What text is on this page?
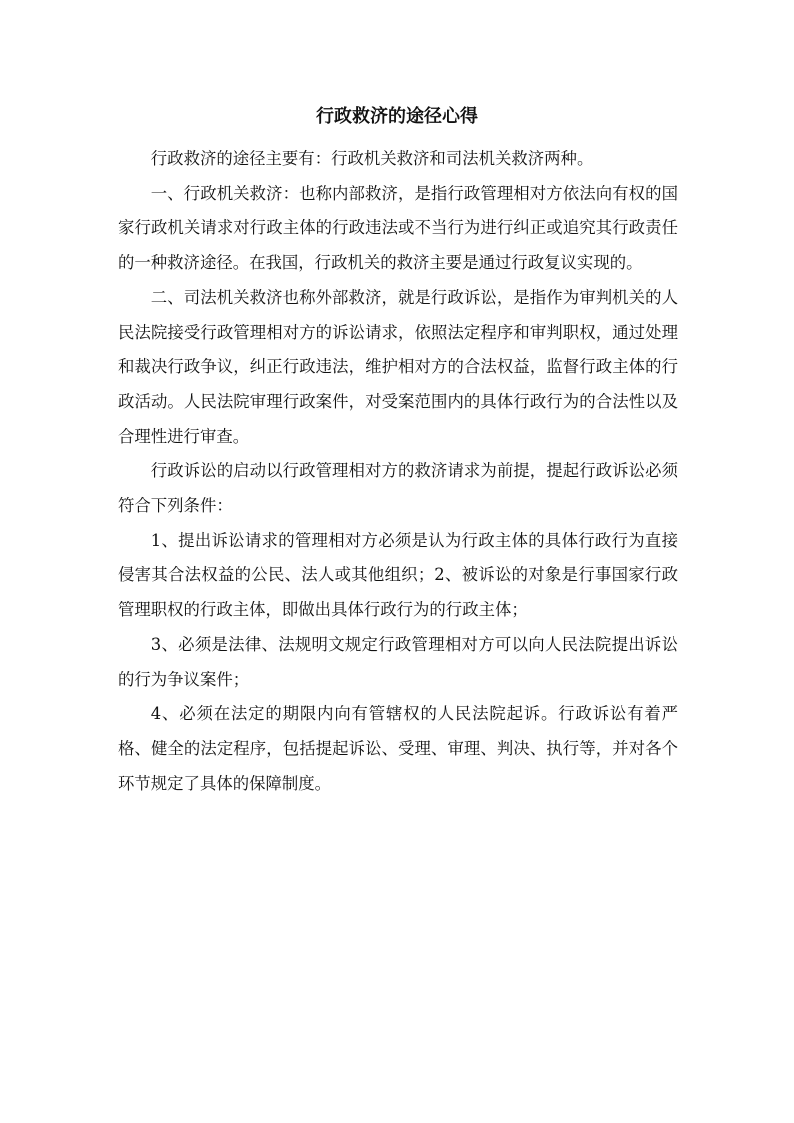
行政救济的途径心得

行政救济的途径主要有：行政机关救济和司法机关救济两种。

一、行政机关救济：也称内部救济，是指行政管理相对方依法向有权的国家行政机关请求对行政主体的行政违法或不当行为进行纠正或追究其行政责任的一种救济途径。在我国，行政机关的救济主要是通过行政复议实现的。

二、司法机关救济也称外部救济，就是行政诉讼，是指作为审判机关的人民法院接受行政管理相对方的诉讼请求，依照法定程序和审判职权，通过处理和裁决行政争议，纠正行政违法，维护相对方的合法权益，监督行政主体的行政活动。人民法院审理行政案件，对受案范围内的具体行政行为的合法性以及合理性进行审查。

行政诉讼的启动以行政管理相对方的救济请求为前提，提起行政诉讼必须符合下列条件：

1、提出诉讼请求的管理相对方必须是认为行政主体的具体行政行为直接侵害其合法权益的公民、法人或其他组织；2、被诉讼的对象是行事国家行政管理职权的行政主体，即做出具体行政行为的行政主体；

3、必须是法律、法规明文规定行政管理相对方可以向人民法院提出诉讼的行为争议案件；

4、必须在法定的期限内向有管辖权的人民法院起诉。行政诉讼有着严格、健全的法定程序，包括提起诉讼、受理、审理、判决、执行等，并对各个环节规定了具体的保障制度。
